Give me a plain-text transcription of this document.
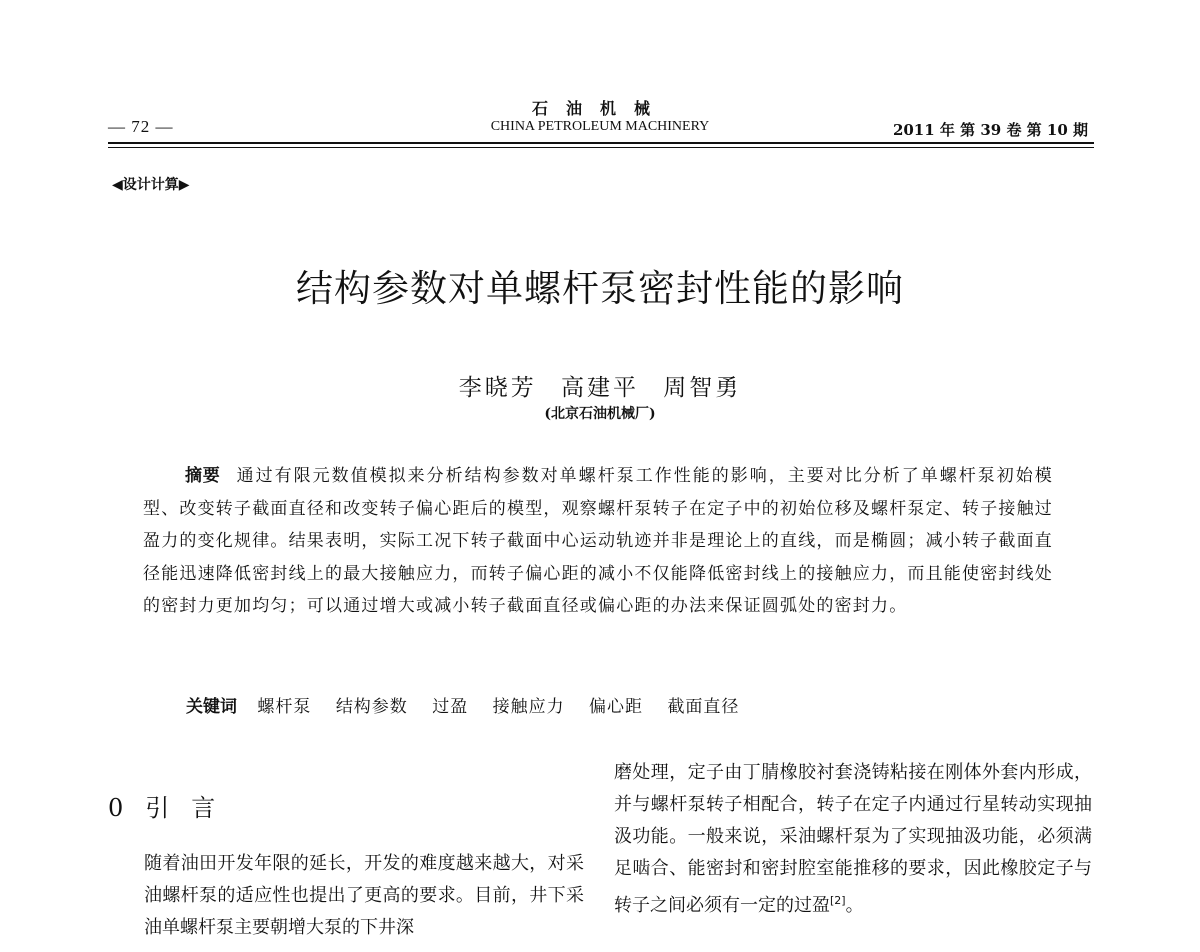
— 72 —
石油机械
CHINA PETROLEUM MACHINERY	2011 年 第 39 卷 第 10 期
◀设计计算▶
结构参数对单螺杆泵密封性能的影响
李晓芳 高建平 周智勇
(北京石油机械厂)
摘要 通过有限元数值模拟来分析结构参数对单螺杆泵工作性能的影响，主要对比分析了单螺杆泵初始模型、改变转子截面直径和改变转子偏心距后的模型，观察螺杆泵转子在定子中的初始位移及螺杆泵定、转子接触过盈力的变化规律。结果表明，实际工况下转子截面中心运动轨迹并非是理论上的直线，而是椭圆；减小转子截面直径能迅速降低密封线上的最大接触应力，而转子偏心距的减小不仅能降低密封线上的接触应力，而且能使密封线处的密封力更加均匀；可以通过增大或减小转子截面直径或偏心距的办法来保证圆弧处的密封力。
关键词 螺杆泵 结构参数 过盈 接触应力 偏心距 截面直径
0 引言
随着油田开发年限的延长，开发的难度越来越大，对采油螺杆泵的适应性也提出了更高的要求。目前，井下采油单螺杆泵主要朝增大泵的下井深
磨处理，定子由丁腈橡胶衬套浇铸粘接在刚体外套内形成，并与螺杆泵转子相配合，转子在定子内通过行星转动实现抽汲功能。一般来说，采油螺杆泵为了实现抽汲功能，必须满足啮合、能密封和密封腔室能推移的要求，因此橡胶定子与转子之间必须有一定的过盈[2]。
